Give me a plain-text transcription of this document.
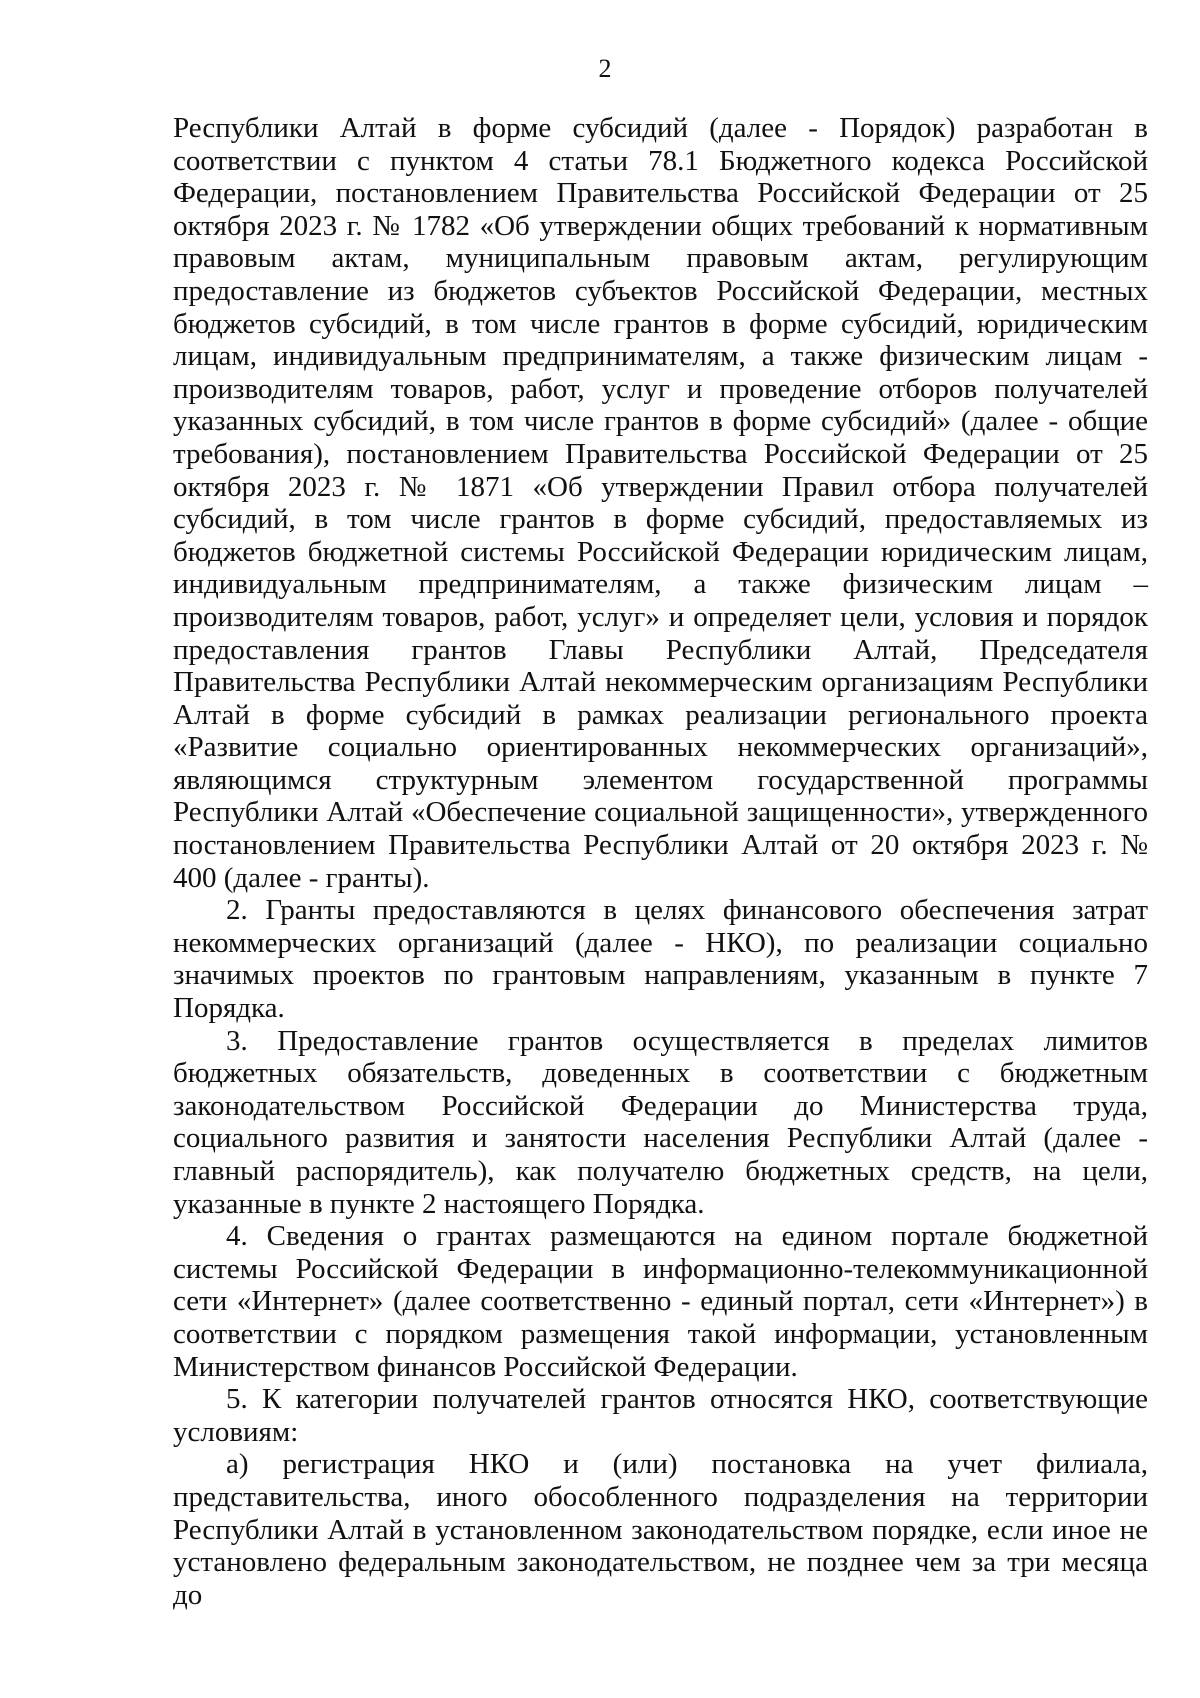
2

Республики Алтай в форме субсидий (далее - Порядок) разработан в соответствии с пунктом 4 статьи 78.1 Бюджетного кодекса Российской Федерации, постановлением Правительства Российской Федерации от 25 октября 2023 г. № 1782 «Об утверждении общих требований к нормативным правовым актам, муниципальным правовым актам, регулирующим предоставление из бюджетов субъектов Российской Федерации, местных бюджетов субсидий, в том числе грантов в форме субсидий, юридическим лицам, индивидуальным предпринимателям, а также физическим лицам - производителям товаров, работ, услуг и проведение отборов получателей указанных субсидий, в том числе грантов в форме субсидий» (далее - общие требования), постановлением Правительства Российской Федерации от 25 октября 2023 г. № 1871 «Об утверждении Правил отбора получателей субсидий, в том числе грантов в форме субсидий, предоставляемых из бюджетов бюджетной системы Российской Федерации юридическим лицам, индивидуальным предпринимателям, а также физическим лицам – производителям товаров, работ, услуг» и определяет цели, условия и порядок предоставления грантов Главы Республики Алтай, Председателя Правительства Республики Алтай некоммерческим организациям Республики Алтай в форме субсидий в рамках реализации регионального проекта «Развитие социально ориентированных некоммерческих организаций», являющимся структурным элементом государственной программы Республики Алтай «Обеспечение социальной защищенности», утвержденного постановлением Правительства Республики Алтай от 20 октября 2023 г. № 400 (далее - гранты).

2. Гранты предоставляются в целях финансового обеспечения затрат некоммерческих организаций (далее - НКО), по реализации социально значимых проектов по грантовым направлениям, указанным в пункте 7 Порядка.

3. Предоставление грантов осуществляется в пределах лимитов бюджетных обязательств, доведенных в соответствии с бюджетным законодательством Российской Федерации до Министерства труда, социального развития и занятости населения Республики Алтай (далее - главный распорядитель), как получателю бюджетных средств, на цели, указанные в пункте 2 настоящего Порядка.

4. Сведения о грантах размещаются на едином портале бюджетной системы Российской Федерации в информационно-телекоммуникационной сети «Интернет» (далее соответственно - единый портал, сети «Интернет») в соответствии с порядком размещения такой информации, установленным Министерством финансов Российской Федерации.

5. К категории получателей грантов относятся НКО, соответствующие условиям:

а) регистрация НКО и (или) постановка на учет филиала, представительства, иного обособленного подразделения на территории Республики Алтай в установленном законодательством порядке, если иное не установлено федеральным законодательством, не позднее чем за три месяца до
